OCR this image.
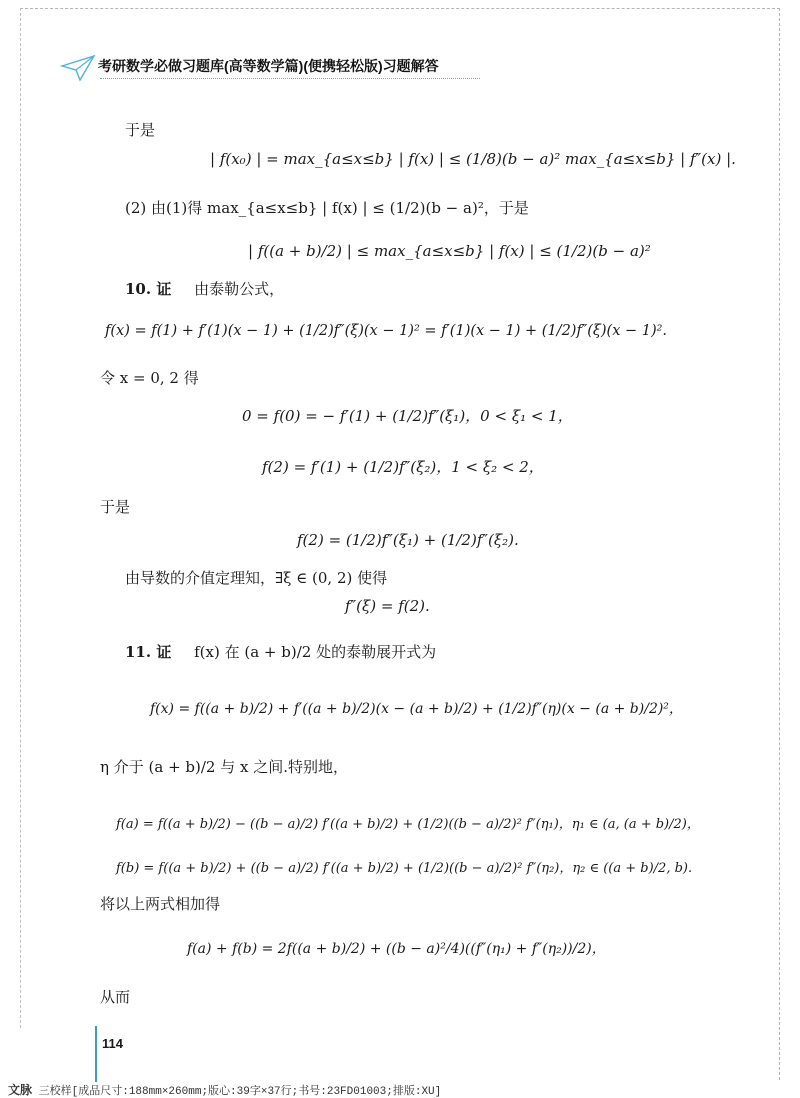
考研数学必做习题库(高等数学篇)(便携轻松版)习题解答
于是
| f(x₀) | = max_{a≤x≤b} | f(x) | ≤ (1/8)(b − a)² max_{a≤x≤b} | f″(x) |.
(2) 由(1)得 max_{a≤x≤b} | f(x) | ≤ (1/2)(b − a)²，于是
| f((a + b)/2) | ≤ max_{a≤x≤b} | f(x) | ≤ (1/2)(b − a)²
10. 证 由泰勒公式，
f(x) = f(1) + f′(1)(x − 1) + (1/2)f″(ξ)(x − 1)² = f′(1)(x − 1) + (1/2)f″(ξ)(x − 1)².
令 x = 0, 2 得
0 = f(0) = − f′(1) + (1/2)f″(ξ₁)，0 < ξ₁ < 1，
f(2) = f′(1) + (1/2)f″(ξ₂)，1 < ξ₂ < 2，
于是
f(2) = (1/2)f″(ξ₁) + (1/2)f″(ξ₂).
由导数的介值定理知，∃ξ ∈ (0, 2) 使得
f″(ξ) = f(2).
11. 证 f(x) 在 (a + b)/2 处的泰勒展开式为
f(x) = f((a + b)/2) + f′((a + b)/2)(x − (a + b)/2) + (1/2)f″(η)(x − (a + b)/2)²，
η 介于 (a + b)/2 与 x 之间.特别地，
f(a) = f((a + b)/2) − ((b − a)/2) f′((a + b)/2) + (1/2)((b − a)/2)² f″(η₁)，η₁ ∈ (a, (a + b)/2)，
f(b) = f((a + b)/2) + ((b − a)/2) f′((a + b)/2) + (1/2)((b − a)/2)² f″(η₂)，η₂ ∈ ((a + b)/2, b).
将以上两式相加得
f(a) + f(b) = 2f((a + b)/2) + ((b − a)²/4)((f″(η₁) + f″(η₂))/2)，
从而
114
文脉 三校样[成品尺寸:188mm×260mm;版心:39字×37行;书号:23FD01003;排版:XU]
